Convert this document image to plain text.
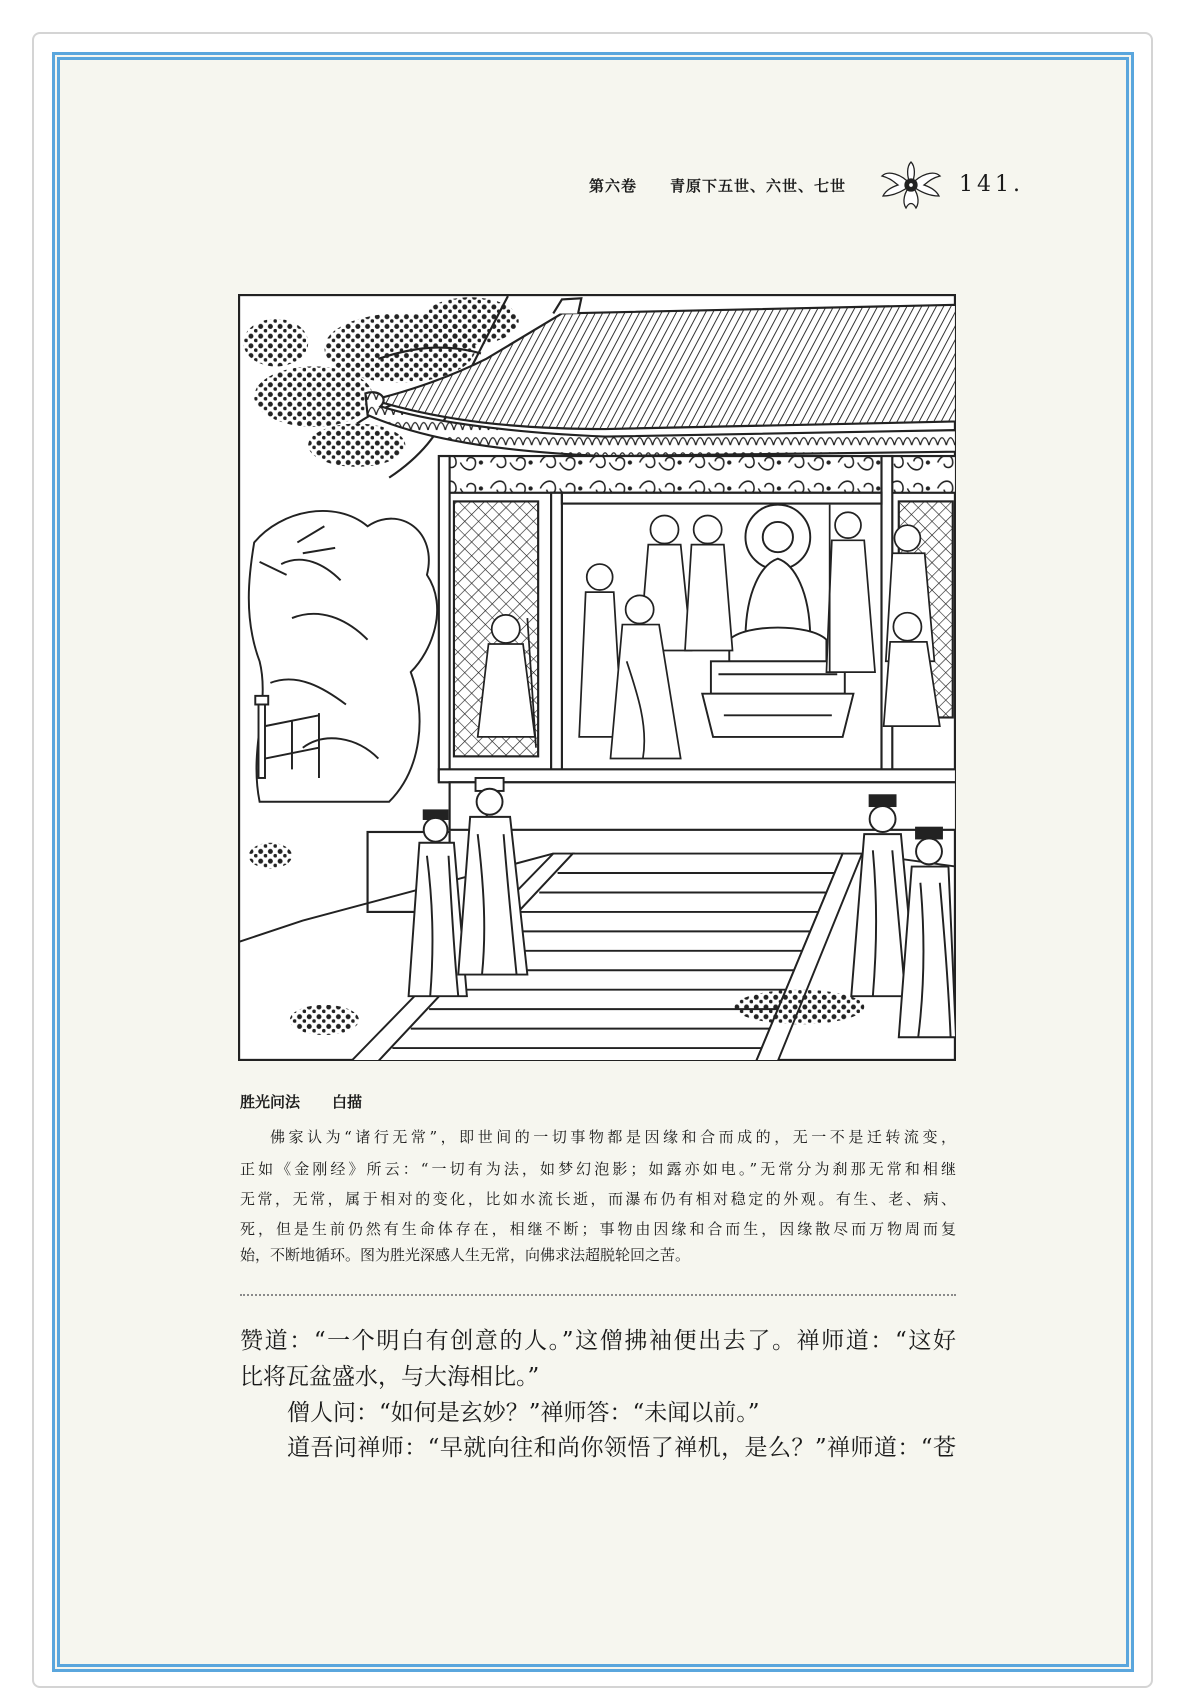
第六卷 青原下五世、六世、七世	141.
胜光问法 白描

佛家认为“诸行无常”，即世间的一切事物都是因缘和合而成的，无一不是迁转流变，

正如《金刚经》所云：“一切有为法，如梦幻泡影；如露亦如电。”无常分为刹那无常和相继

无常，无常，属于相对的变化，比如水流长逝，而瀑布仍有相对稳定的外观。有生、老、病、

死，但是生前仍然有生命体存在，相继不断；事物由因缘和合而生，因缘散尽而万物周而复

始，不断地循环。图为胜光深感人生无常，向佛求法超脱轮回之苦。

赞道：“一个明白有创意的人。”这僧拂袖便出去了。禅师道：“这好

比将瓦盆盛水，与大海相比。”

僧人问：“如何是玄妙？”禅师答：“未闻以前。”

道吾问禅师：“早就向往和尚你领悟了禅机，是么？”禅师道：“苍
